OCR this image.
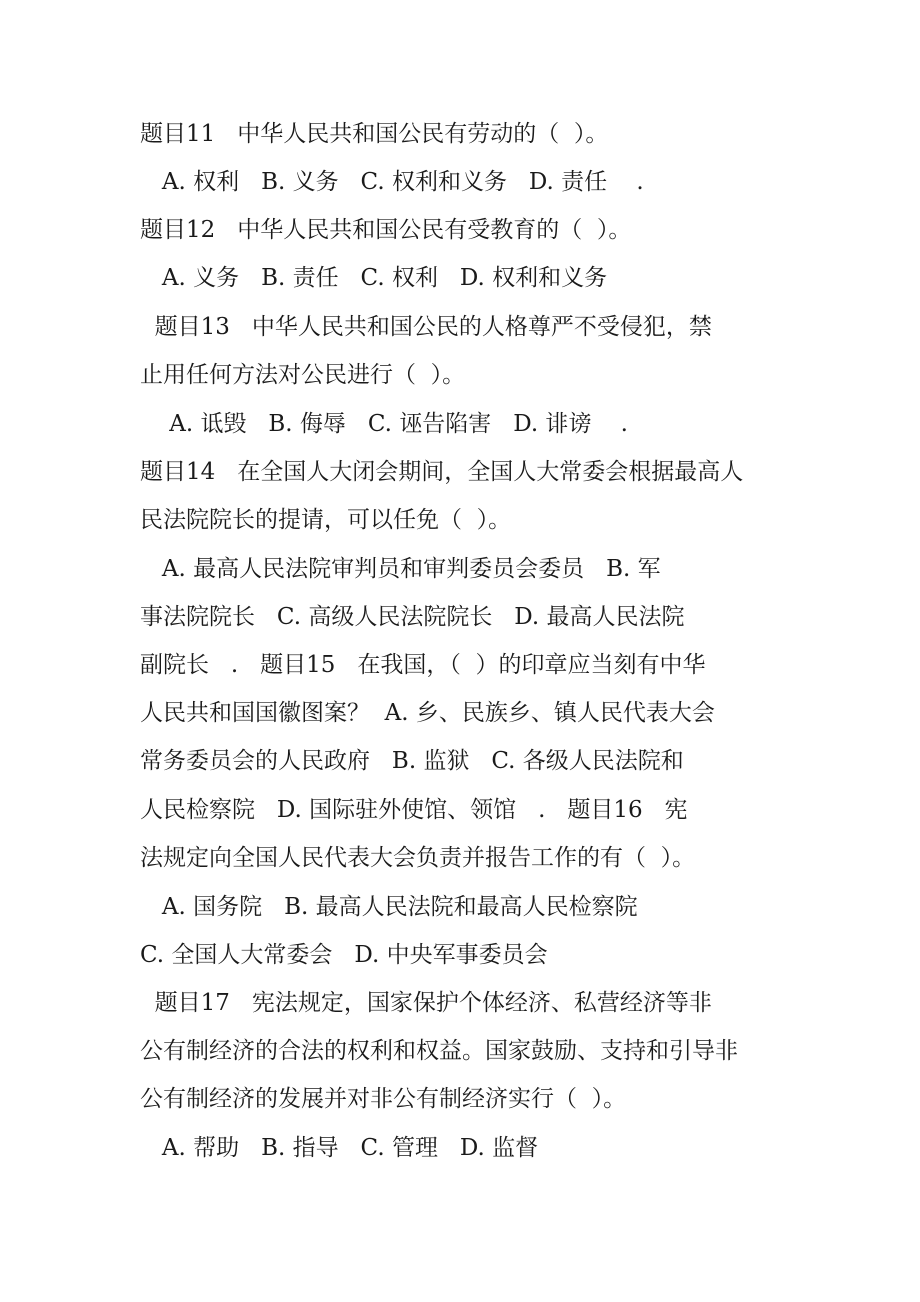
题目11   中华人民共和国公民有劳动的（  ）。
A. 权利   B. 义务   C. 权利和义务   D. 责任    .
题目12   中华人民共和国公民有受教育的（  ）。
A. 义务   B. 责任   C. 权利   D. 权利和义务
题目13   中华人民共和国公民的人格尊严不受侵犯，禁
止用任何方法对公民进行（  ）。
A. 诋毁   B. 侮辱   C. 诬告陷害   D. 诽谤    .
题目14   在全国人大闭会期间，全国人大常委会根据最高人
民法院院长的提请，可以任免（  ）。
A. 最高人民法院审判员和审判委员会委员   B. 军
事法院院长   C. 高级人民法院院长   D. 最高人民法院
副院长   .   题目15   在我国，（  ）的印章应当刻有中华
人民共和国国徽图案？  A. 乡、民族乡、镇人民代表大会
常务委员会的人民政府   B. 监狱   C. 各级人民法院和
人民检察院   D. 国际驻外使馆、领馆   .   题目16   宪
法规定向全国人民代表大会负责并报告工作的有（  ）。
A. 国务院   B. 最高人民法院和最高人民检察院
C. 全国人大常委会   D. 中央军事委员会
题目17   宪法规定，国家保护个体经济、私营经济等非
公有制经济的合法的权利和权益。国家鼓励、支持和引导非
公有制经济的发展并对非公有制经济实行（  ）。
A. 帮助   B. 指导   C. 管理   D. 监督
